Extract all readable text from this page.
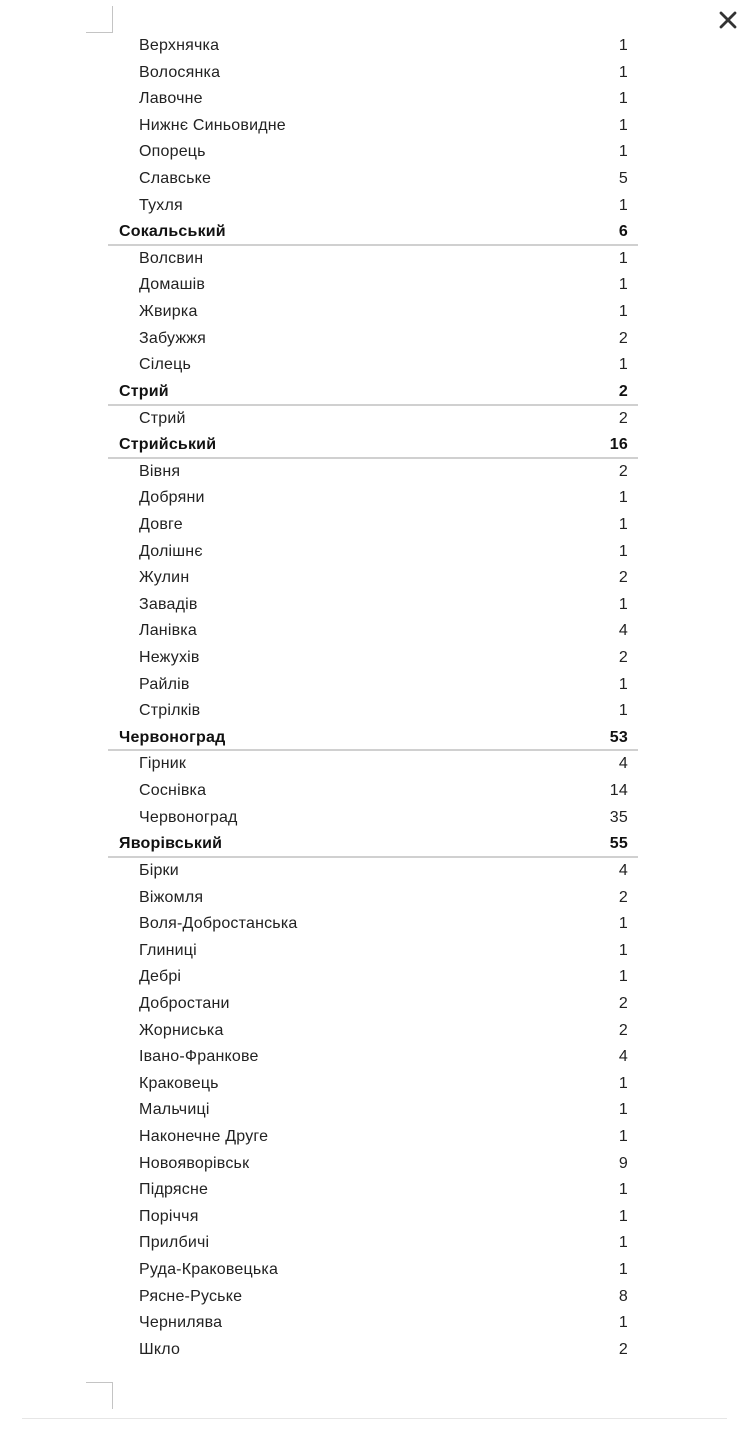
Верхнячка	1
Волосянка	1
Лавочне	1
Нижнє Синьовидне	1
Опорець	1
Славське	5
Тухля	1
Сокальський	6
Волсвин	1
Домашів	1
Жвирка	1
Забужжя	2
Сілець	1
Стрий	2
Стрий	2
Стрийський	16
Вівня	2
Добряни	1
Довге	1
Долішнє	1
Жулин	2
Завадів	1
Ланівка	4
Нежухів	2
Райлів	1
Стрілків	1
Червоноград	53
Гірник	4
Соснівка	14
Червоноград	35
Яворівський	55
Бірки	4
Віжомля	2
Воля-Добростанська	1
Глиниці	1
Дебрі	1
Добростани	2
Жорниська	2
Івано-Франкове	4
Краковець	1
Мальчиці	1
Наконечне Друге	1
Новояворівськ	9
Підрясне	1
Поріччя	1
Прилбичі	1
Руда-Краковецька	1
Рясне-Руське	8
Чернилява	1
Шкло	2
